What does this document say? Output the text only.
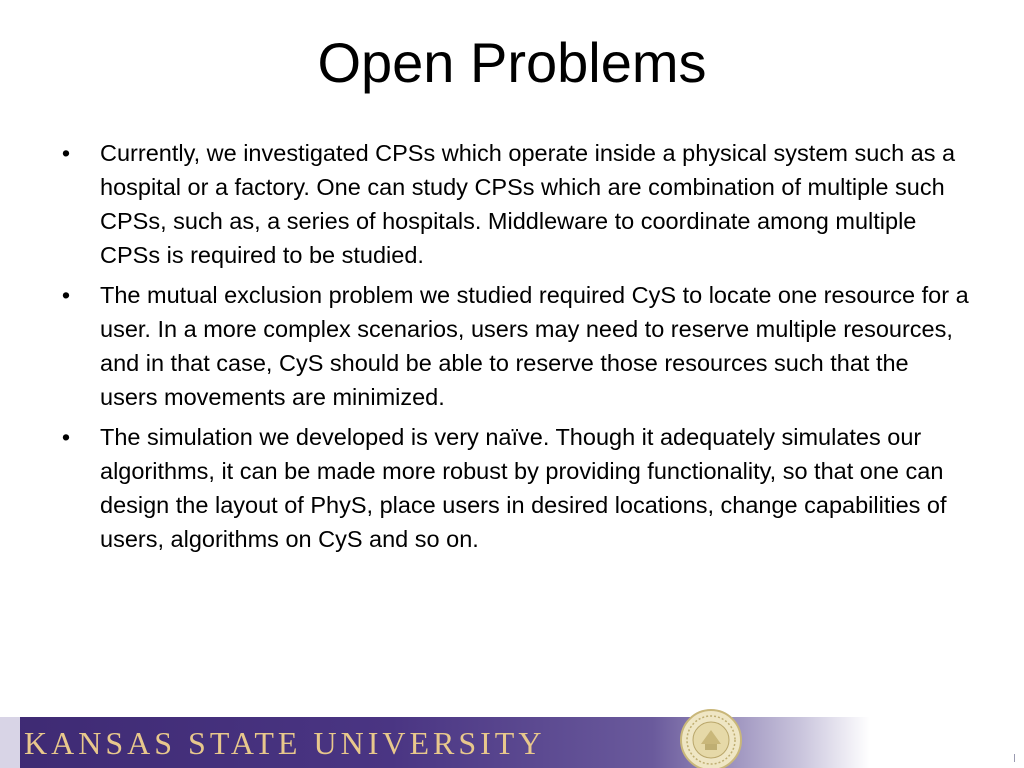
Open Problems
• Currently, we investigated CPSs which operate inside a physical system such as a hospital or a factory. One can study CPSs which are combination of multiple such CPSs, such as, a series of hospitals. Middleware to coordinate among multiple CPSs is required to be studied.
• The mutual exclusion problem we studied required CyS to locate one resource for a user. In a more complex scenarios, users may need to reserve multiple resources, and in that case, CyS should be able to reserve those resources such that the users movements are minimized.
• The simulation we developed is very naïve. Though it adequately simulates our algorithms, it can be made more robust by providing functionality, so that one can design the layout of PhyS, place users in desired locations, change capabilities of users, algorithms on CyS and so on.
KANSAS STATE UNIVERSITY
